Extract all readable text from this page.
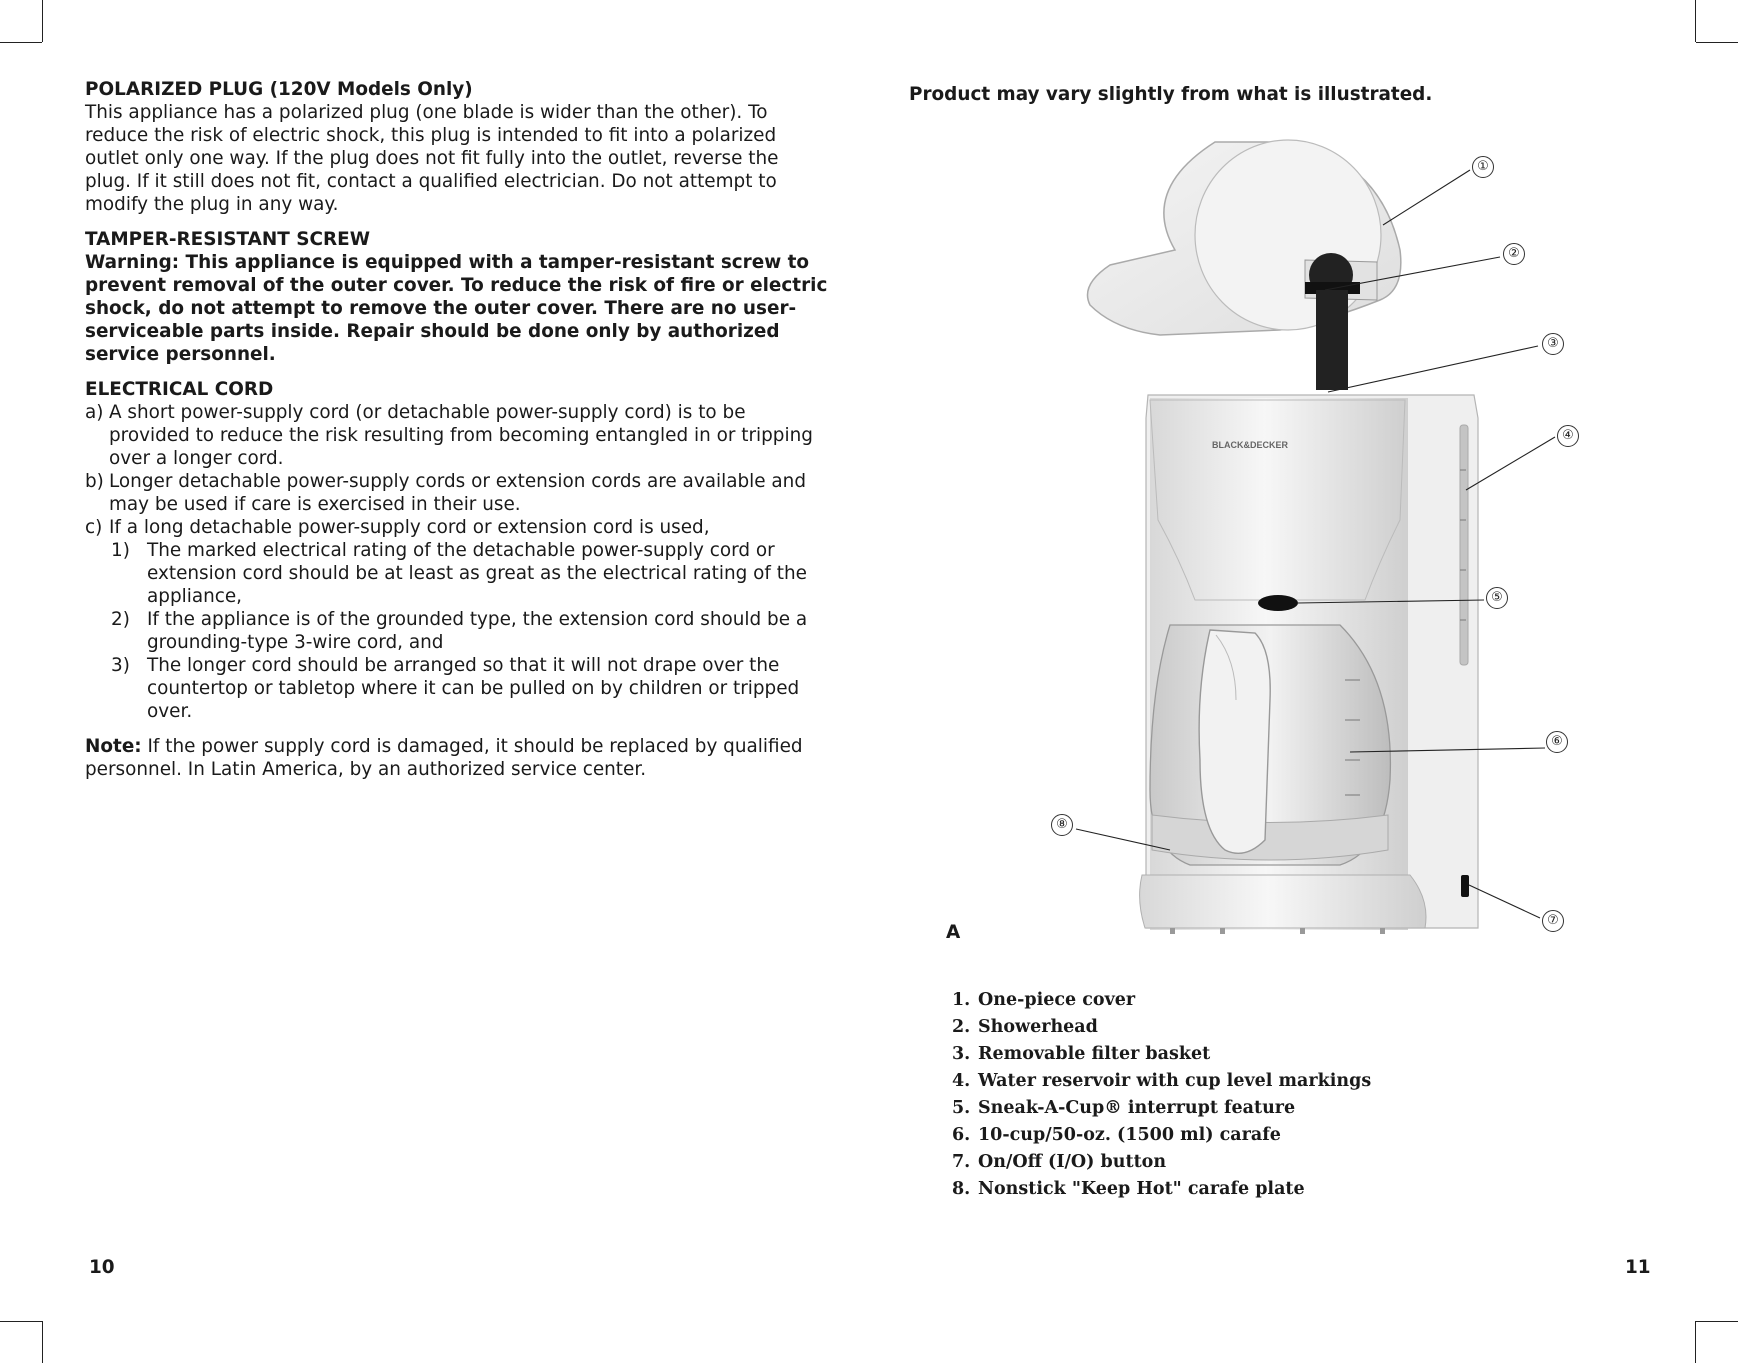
POLARIZED PLUG (120V Models Only)

This appliance has a polarized plug (one blade is wider than the other). To reduce the risk of electric shock, this plug is intended to fit into a polarized outlet only one way. If the plug does not fit fully into the outlet, reverse the plug. If it still does not fit, contact a qualified electrician. Do not attempt to modify the plug in any way.

TAMPER-RESISTANT SCREW

Warning: This appliance is equipped with a tamper-resistant screw to prevent removal of the outer cover. To reduce the risk of fire or electric shock, do not attempt to remove the outer cover. There are no user-serviceable parts inside. Repair should be done only by authorized service personnel.

ELECTRICAL CORD

a) A short power-supply cord (or detachable power-supply cord) is to be provided to reduce the risk resulting from becoming entangled in or tripping over a longer cord.
b) Longer detachable power-supply cords or extension cords are available and may be used if care is exercised in their use.
c) If a long detachable power-supply cord or extension cord is used,
1) The marked electrical rating of the detachable power-supply cord or extension cord should be at least as great as the electrical rating of the appliance,
2) If the appliance is of the grounded type, the extension cord should be a grounding-type 3-wire cord, and
3) The longer cord should be arranged so that it will not drape over the countertop or tabletop where it can be pulled on by children or tripped over.

Note: If the power supply cord is damaged, it should be replaced by qualified personnel. In Latin America, by an authorized service center.

10
Product may vary slightly from what is illustrated.
BLACK&DECKER
①
②
③
④
⑤
⑥
⑦
⑧
A
1. One-piece cover
2. Showerhead
3. Removable filter basket
4. Water reservoir with cup level markings
5. Sneak-A-Cup® interrupt feature
6. 10-cup/50-oz. (1500 ml) carafe
7. On/Off (I/O) button
8. Nonstick "Keep Hot" carafe plate
11
